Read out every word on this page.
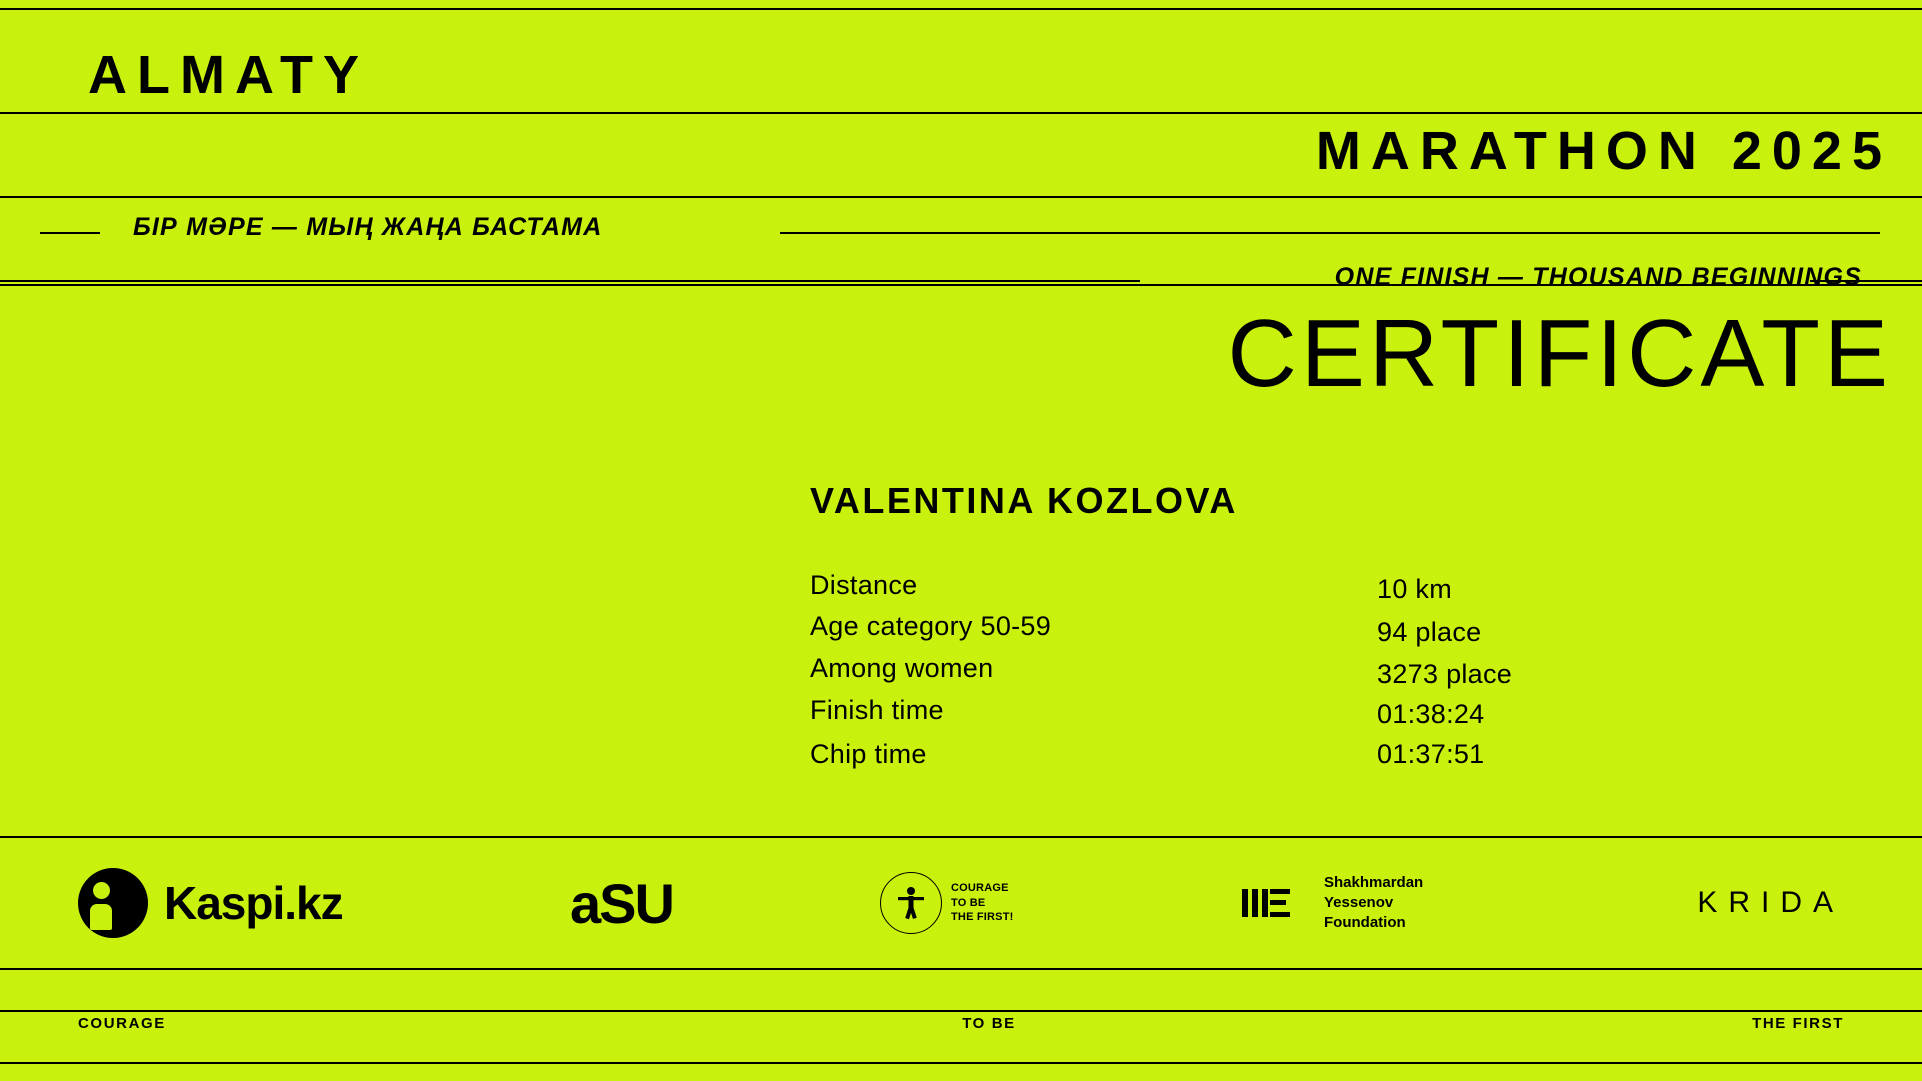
ALMATY
MARATHON 2025
БІР МӘРЕ — МЫҢ ЖАҢА БАСТАМА
ONE FINISH — THOUSAND BEGINNINGS
CERTIFICATE
VALENTINA KOZLOVA
Distance	10 km
Age category 50-59	94 place
Among women	3273 place
Finish time	01:38:24
Chip time	01:37:51
Kaspi.kz	aSU	COURAGE
TO BE
THE FIRST!
Shakhmardan
Yessenov
Foundation
KRIDA
COURAGE	TO BE	THE FIRST
